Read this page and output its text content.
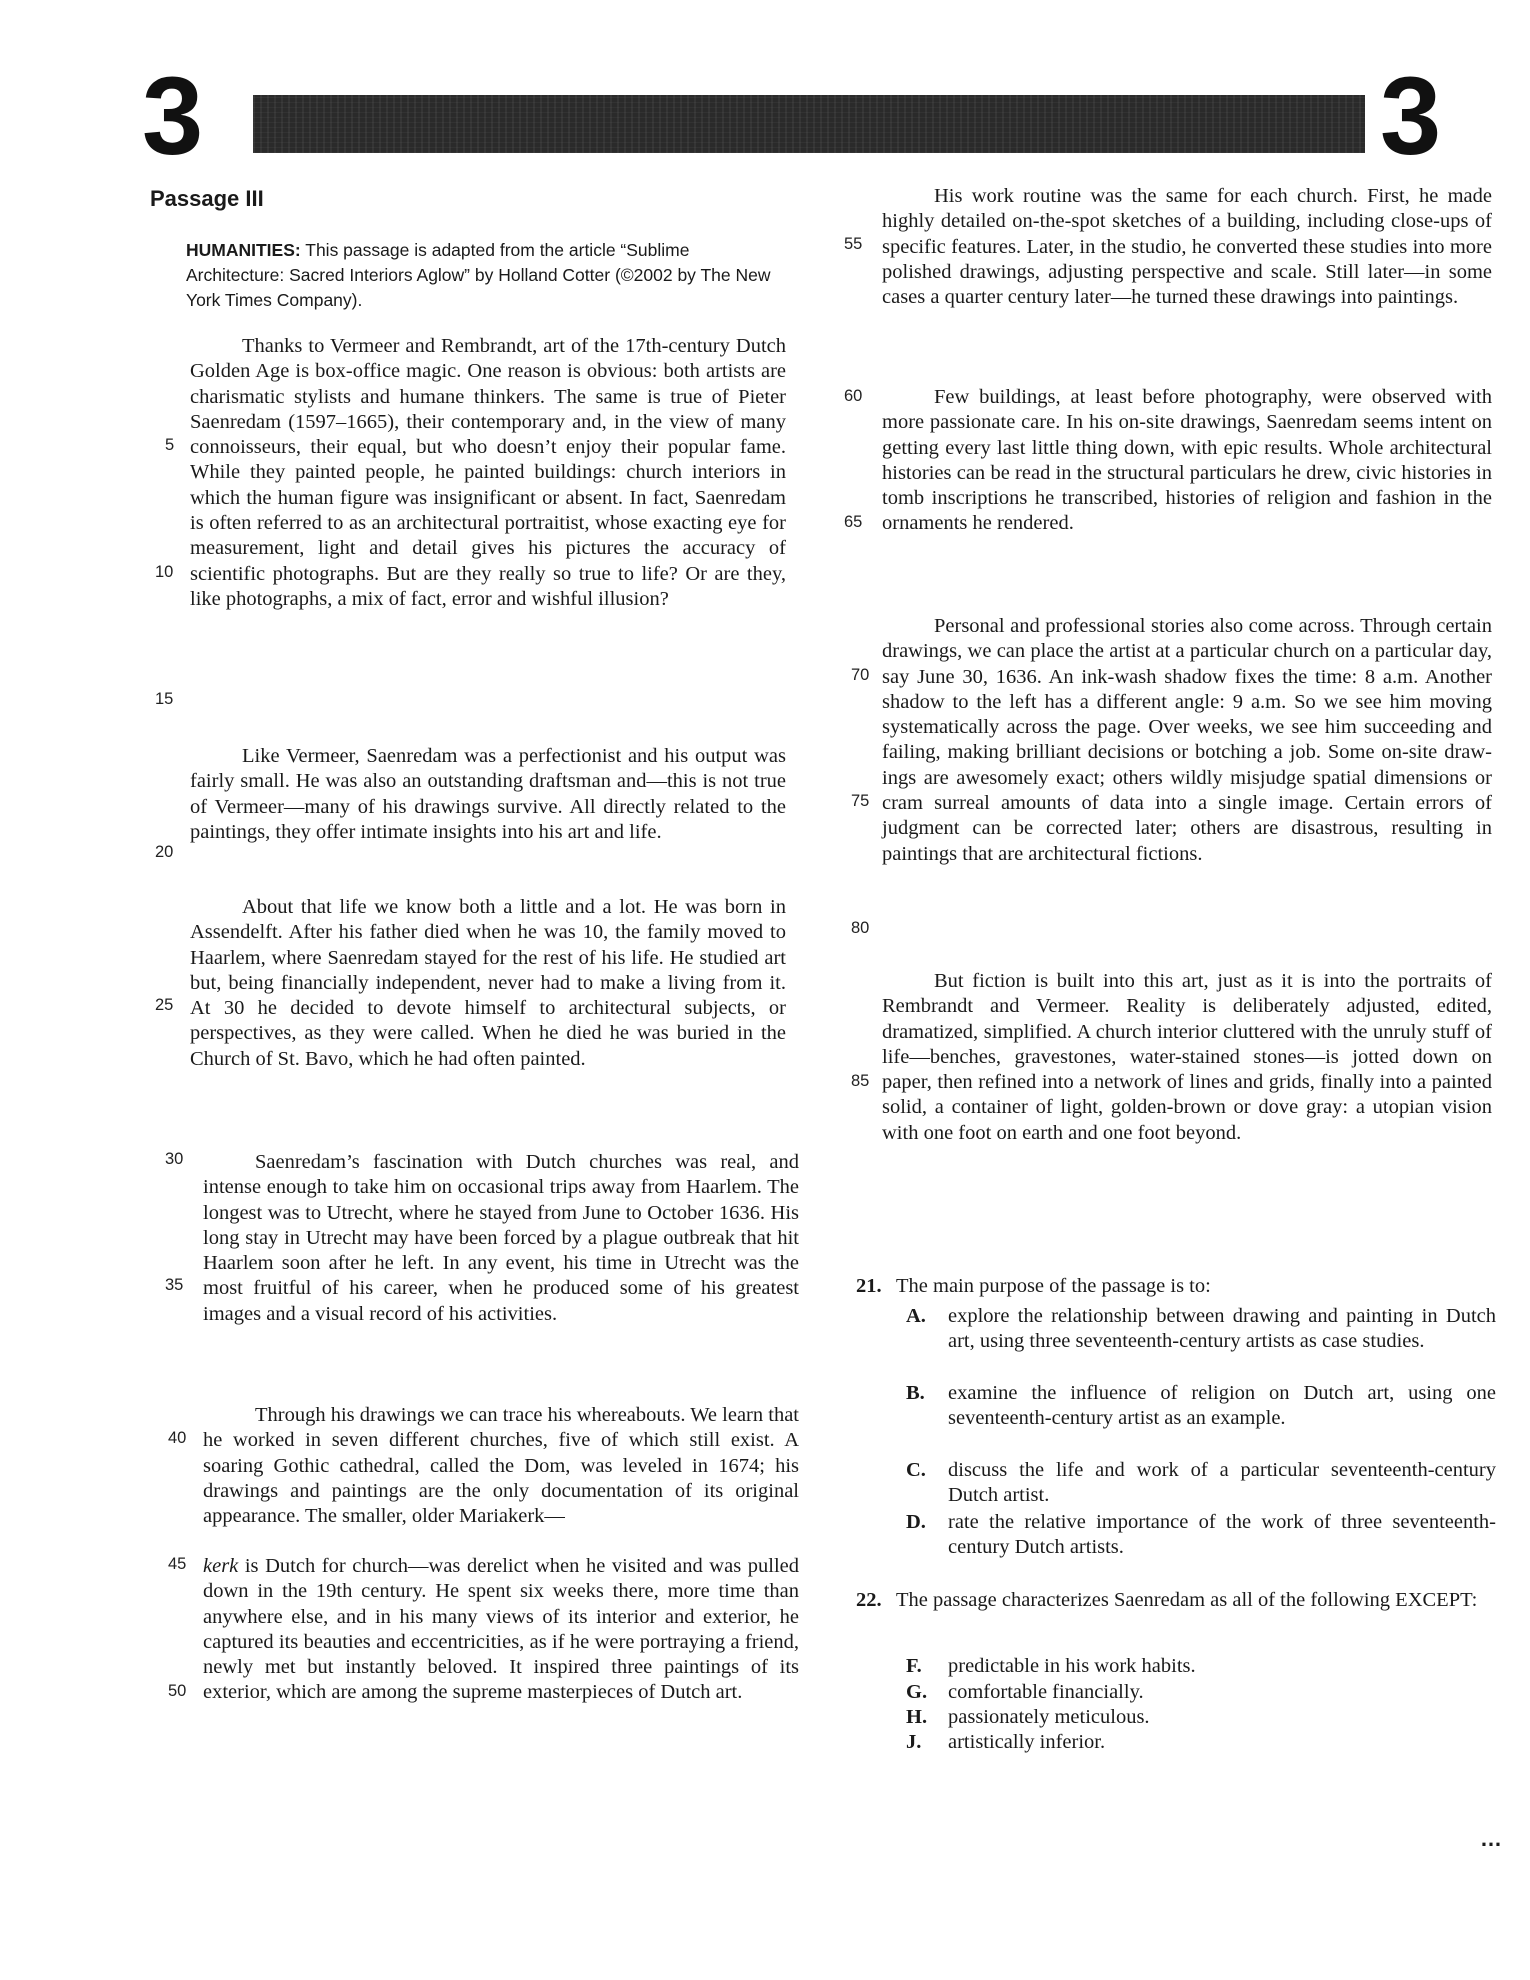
3	3
Passage III
HUMANITIES: This passage is adapted from the article “Sublime Architecture: Sacred Interiors Aglow” by Holland Cotter (©2002 by The New York Times Company).
Thanks to Vermeer and Rembrandt, art of the 17th-century Dutch Golden Age is box-office magic. One reason is obvious: both artists are charismatic stylists and humane thinkers. The same is true of Pieter Saenredam (1597–1665), their contemporary and, in the view of many connoisseurs, their equal, but who doesn’t enjoy their popular fame. While they painted people, he painted buildings: church interiors in which the human figure was insignificant or absent. In fact, Saenredam is often referred to as an architectural portraitist, whose exacting eye for measurement, light and detail gives his pictures the accuracy of scientific photographs. But are they really so true to life? Or are they, like photographs, a mix of fact, error and wishful illusion?
Like Vermeer, Saenredam was a perfectionist and his output was fairly small. He was also an outstanding draftsman and—this is not true of Vermeer—many of his drawings survive. All directly related to the paintings, they offer intimate insights into his art and life.
About that life we know both a little and a lot. He was born in Assendelft. After his father died when he was 10, the family moved to Haarlem, where Saenredam stayed for the rest of his life. He studied art but, being financially independent, never had to make a living from it. At 30 he decided to devote himself to architectural subjects, or perspectives, as they were called. When he died he was buried in the Church of St. Bavo, which he had often painted.
Saenredam’s fascination with Dutch churches was real, and intense enough to take him on occasional trips away from Haarlem. The longest was to Utrecht, where he stayed from June to October 1636. His long stay in Utrecht may have been forced by a plague outbreak that hit Haarlem soon after he left. In any event, his time in Utrecht was the most fruitful of his career, when he produced some of his greatest images and a visual record of his activities.
Through his drawings we can trace his whereabouts. We learn that he worked in seven different churches, five of which still exist. A soaring Gothic cathedral, called the Dom, was leveled in 1674; his drawings and paintings are the only documentation of its original appearance. The smaller, older Mariakerk—
kerk is Dutch for church—was derelict when he visited and was pulled down in the 19th century. He spent six weeks there, more time than anywhere else, and in his many views of its interior and exterior, he captured its beauties and eccentricities, as if he were portraying a friend, newly met but instantly beloved. It inspired three paintings of its exterior, which are among the supreme masterpieces of Dutch art.
His work routine was the same for each church. First, he made highly detailed on-the-spot sketches of a building, including close-ups of specific features. Later, in the studio, he converted these studies into more polished drawings, adjusting perspective and scale. Still later—in some cases a quarter century later—he turned these drawings into paintings.
Few buildings, at least before photography, were observed with more passionate care. In his on-site drawings, Saenredam seems intent on getting every last little thing down, with epic results. Whole architectural histories can be read in the structural particulars he drew, civic histories in tomb inscriptions he transcribed, histories of religion and fashion in the ornaments he rendered.
Personal and professional stories also come across. Through certain drawings, we can place the artist at a particular church on a particular day, say June 30, 1636. An ink-wash shadow fixes the time: 8 a.m. Another shadow to the left has a different angle: 9 a.m. So we see him moving systematically across the page. Over weeks, we see him succeeding and failing, making brilliant decisions or botching a job. Some on-site drawings are awesomely exact; others wildly misjudge spatial dimensions or cram surreal amounts of data into a single image. Certain errors of judgment can be corrected later; others are disastrous, resulting in paintings that are architectural fictions.
But fiction is built into this art, just as it is into the portraits of Rembrandt and Vermeer. Reality is deliberately adjusted, edited, dramatized, simplified. A church interior cluttered with the unruly stuff of life—benches, gravestones, water-stained stones—is jotted down on paper, then refined into a network of lines and grids, finally into a painted solid, a container of light, golden-brown or dove gray: a utopian vision with one foot on earth and one foot beyond.
5
10
15
20
25
30
35
40
45
50
55
60
65
70
75
80
85
21. The main purpose of the passage is to:
A. explore the relationship between drawing and painting in Dutch art, using three seventeenth-century artists as case studies.
B. examine the influence of religion on Dutch art, using one seventeenth-century artist as an example.
C. discuss the life and work of a particular seventeenth-century Dutch artist.
D. rate the relative importance of the work of three seventeenth-century Dutch artists.
22. The passage characterizes Saenredam as all of the following EXCEPT:
F. predictable in his work habits.
G. comfortable financially.
H. passionately meticulous.
J. artistically inferior.
…
